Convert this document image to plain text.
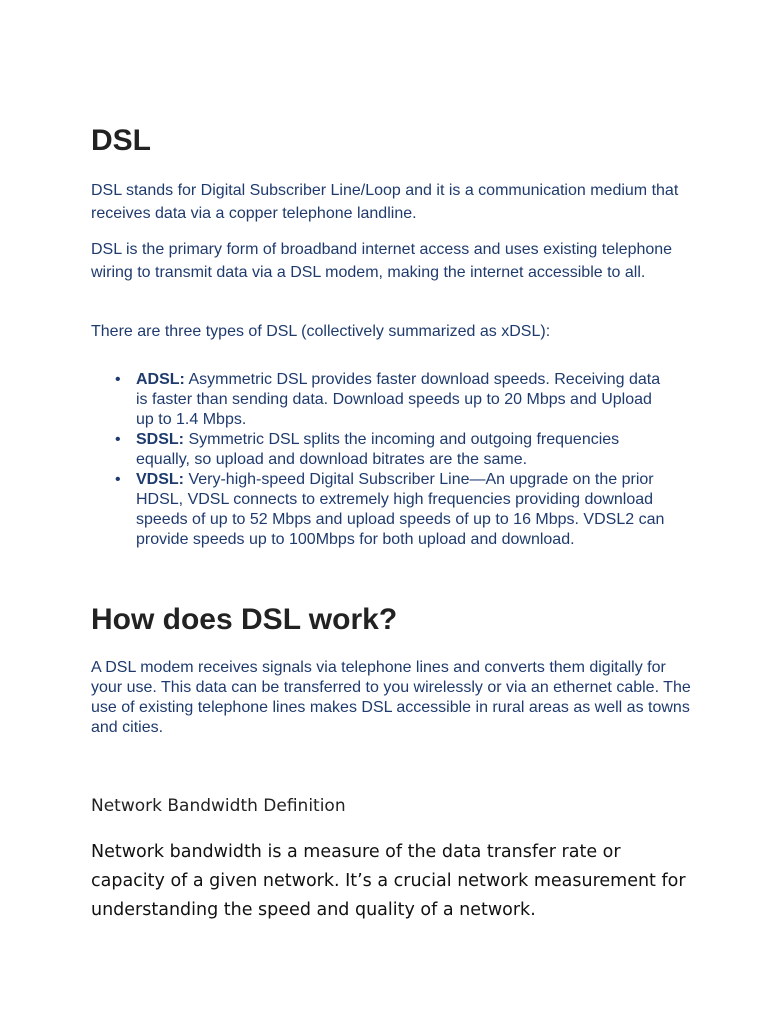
DSL

DSL stands for Digital Subscriber Line/Loop and it is a communication medium that receives data via a copper telephone landline.

DSL is the primary form of broadband internet access and uses existing telephone wiring to transmit data via a DSL modem, making the internet accessible to all.

There are three types of DSL (collectively summarized as xDSL):

• ADSL: Asymmetric DSL provides faster download speeds. Receiving data is faster than sending data. Download speeds up to 20 Mbps and Upload up to 1.4 Mbps.
• SDSL: Symmetric DSL splits the incoming and outgoing frequencies equally, so upload and download bitrates are the same.
• VDSL: Very-high-speed Digital Subscriber Line—An upgrade on the prior HDSL, VDSL connects to extremely high frequencies providing download speeds of up to 52 Mbps and upload speeds of up to 16 Mbps. VDSL2 can provide speeds up to 100Mbps for both upload and download.
How does DSL work?

A DSL modem receives signals via telephone lines and converts them digitally for your use. This data can be transferred to you wirelessly or via an ethernet cable. The use of existing telephone lines makes DSL accessible in rural areas as well as towns and cities.

Network Bandwidth Definition

Network bandwidth is a measure of the data transfer rate or capacity of a given network. It’s a crucial network measurement for understanding the speed and quality of a network.
